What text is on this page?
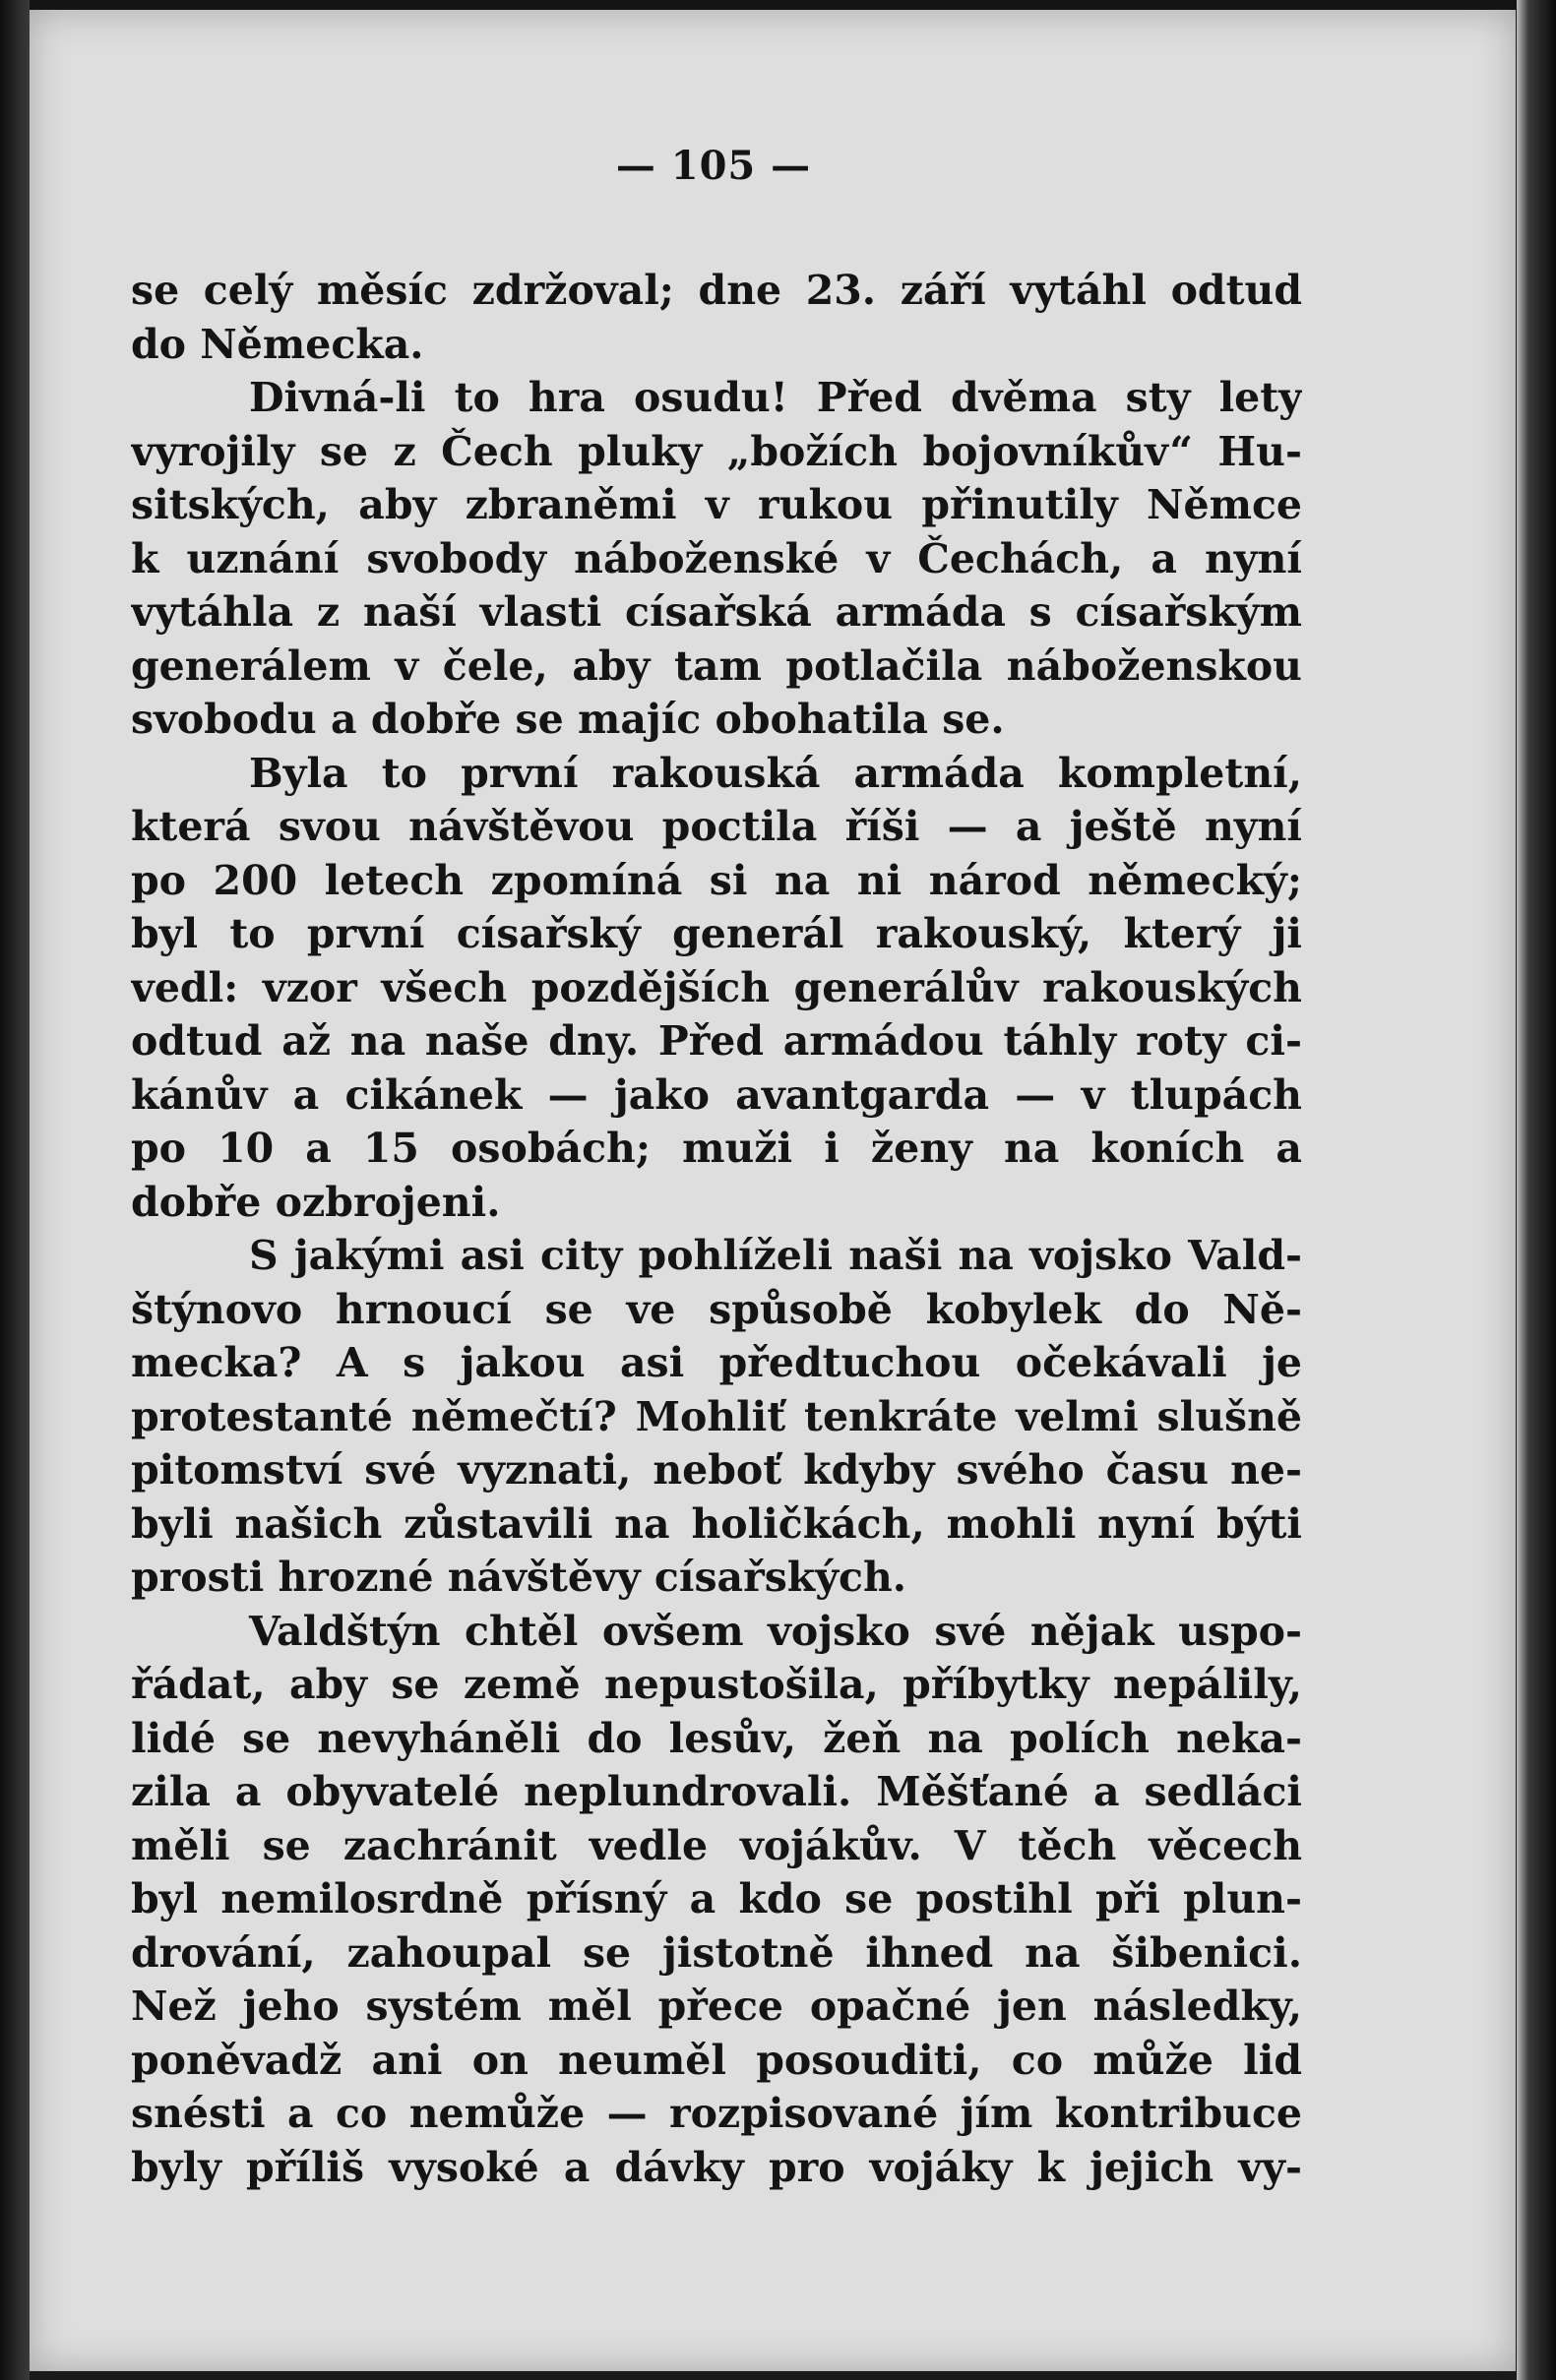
— 105 —
se celý měsíc zdržoval; dne 23. září vytáhl odtud
do Německa.
Divná-li to hra osudu! Před dvěma sty lety
vyrojily se z Čech pluky „božích bojovníkův“ Hu-
sitských, aby zbraněmi v rukou přinutily Němce
k uznání svobody náboženské v Čechách, a nyní
vytáhla z naší vlasti císařská armáda s císařským
generálem v čele, aby tam potlačila náboženskou
svobodu a dobře se majíc obohatila se.
Byla to první rakouská armáda kompletní,
která svou návštěvou poctila říši — a ještě nyní
po 200 letech zpomíná si na ni národ německý;
byl to první císařský generál rakouský, který ji
vedl: vzor všech pozdějších generálův rakouských
odtud až na naše dny. Před armádou táhly roty ci-
kánův a cikánek — jako avantgarda — v tlupách
po 10 a 15 osobách; muži i ženy na koních a
dobře ozbrojeni.
S jakými asi city pohlíželi naši na vojsko Vald-
štýnovo hrnoucí se ve spůsobě kobylek do Ně-
mecka? A s jakou asi předtuchou očekávali je
protestanté němečtí? Mohliť tenkráte velmi slušně
pitomství své vyznati, neboť kdyby svého času ne-
byli našich zůstavili na holičkách, mohli nyní býti
prosti hrozné návštěvy císařských.
Valdštýn chtěl ovšem vojsko své nějak uspo-
řádat, aby se země nepustošila, příbytky nepálily,
lidé se nevyháněli do lesův, žeň na polích neka-
zila a obyvatelé neplundrovali. Měšťané a sedláci
měli se zachránit vedle vojákův. V těch věcech
byl nemilosrdně přísný a kdo se postihl při plun-
drování, zahoupal se jistotně ihned na šibenici.
Než jeho systém měl přece opačné jen následky,
poněvadž ani on neuměl posouditi, co může lid
snésti a co nemůže — rozpisované jím kontribuce
byly příliš vysoké a dávky pro vojáky k jejich vy-
